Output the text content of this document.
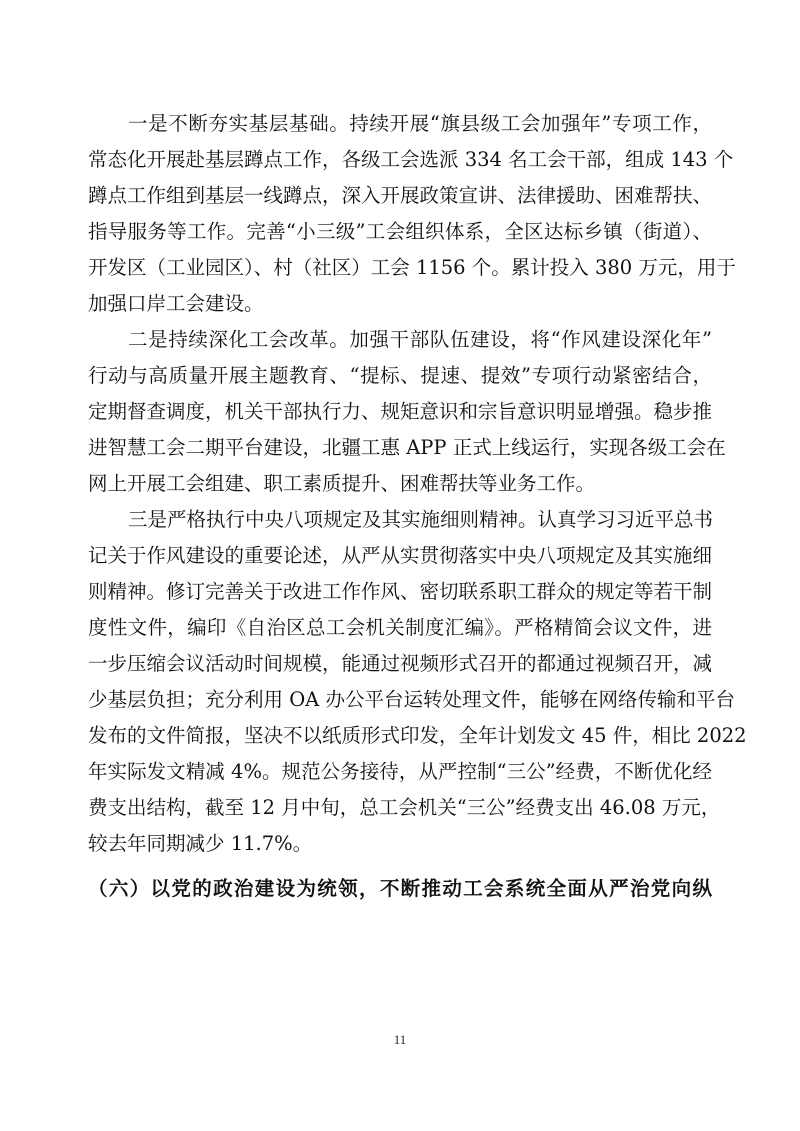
一是不断夯实基层基础。持续开展“旗县级工会加强年”专项工作，
常态化开展赴基层蹲点工作，各级工会选派 334 名工会干部，组成 143 个
蹲点工作组到基层一线蹲点，深入开展政策宣讲、法律援助、困难帮扶、
指导服务等工作。完善“小三级”工会组织体系，全区达标乡镇（街道）、
开发区（工业园区）、村（社区）工会 1156 个。累计投入 380 万元，用于
加强口岸工会建设。
二是持续深化工会改革。加强干部队伍建设，将“作风建设深化年”
行动与高质量开展主题教育、“提标、提速、提效”专项行动紧密结合，
定期督查调度，机关干部执行力、规矩意识和宗旨意识明显增强。稳步推
进智慧工会二期平台建设，北疆工惠 APP 正式上线运行，实现各级工会在
网上开展工会组建、职工素质提升、困难帮扶等业务工作。
三是严格执行中央八项规定及其实施细则精神。认真学习习近平总书
记关于作风建设的重要论述，从严从实贯彻落实中央八项规定及其实施细
则精神。修订完善关于改进工作作风、密切联系职工群众的规定等若干制
度性文件，编印《自治区总工会机关制度汇编》。严格精简会议文件，进
一步压缩会议活动时间规模，能通过视频形式召开的都通过视频召开，减
少基层负担；充分利用 OA 办公平台运转处理文件，能够在网络传输和平台
发布的文件简报，坚决不以纸质形式印发，全年计划发文 45 件，相比 2022
年实际发文精减 4%。规范公务接待，从严控制“三公”经费，不断优化经
费支出结构，截至 12 月中旬，总工会机关“三公”经费支出 46.08 万元，
较去年同期减少 11.7%。
（六）以党的政治建设为统领，不断推动工会系统全面从严治党向纵
11
